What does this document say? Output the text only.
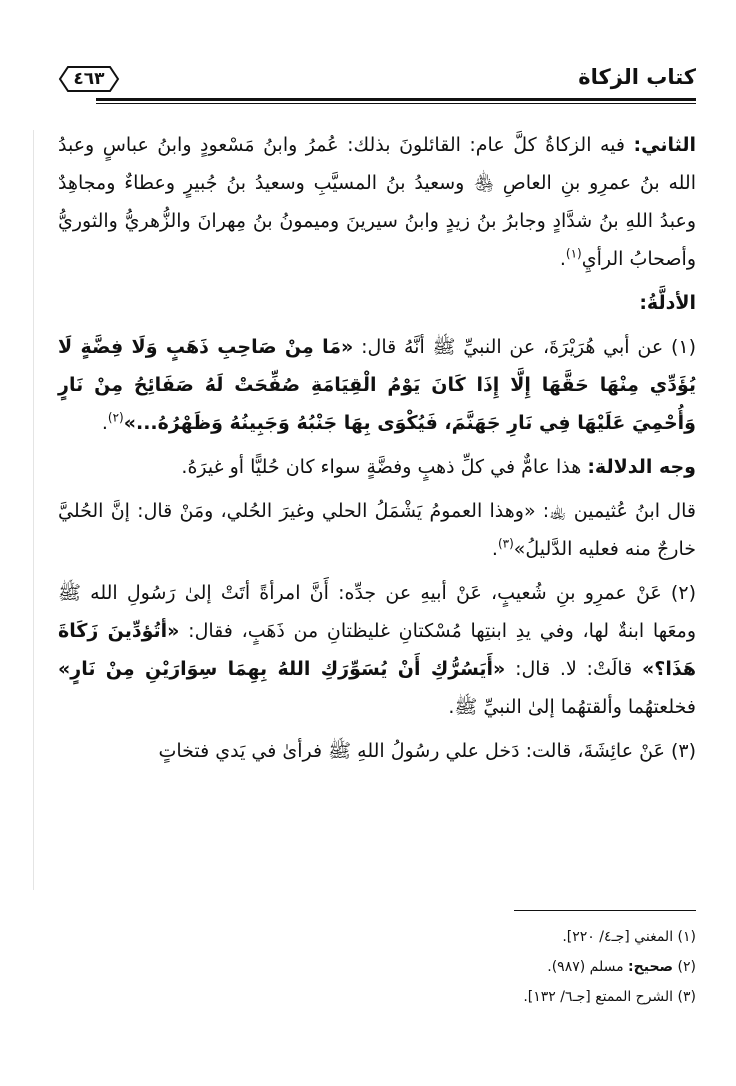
كتاب الزكاة
٤٦٣

الثاني: فيه الزكاةُ كلَّ عام: القائلونَ بذلك: عُمرُ وابنُ مَسْعودٍ وابنُ عباسٍ وعبدُ الله بنُ عمرِو بنِ العاصِ ﵃ وسعيدُ بنُ المسيَّبِ وسعيدُ بنُ جُبيرٍ وعطاءٌ ومجاهِدٌ وعبدُ اللهِ بنُ شدَّادٍ وجابرُ بنُ زيدٍ وابنُ سيرينَ وميمونُ بنُ مِهرانَ والزُّهريُّ والثوريُّ وأصحابُ الرأيِ$^{(١)}$.

الأدلَّةُ:

(١) عن أبي هُرَيْرَةَ، عن النبيِّ ﷺ أنَّهُ قال: «مَا مِنْ صَاحِبِ ذَهَبٍ وَلَا فِضَّةٍ لَا يُؤَدِّي مِنْهَا حَقَّهَا إِلَّا إِذَا كَانَ يَوْمُ الْقِيَامَةِ صُفِّحَتْ لَهُ صَفَائِحُ مِنْ نَارٍ وَأُحْمِيَ عَلَيْهَا فِي نَارِ جَهَنَّمَ، فَيُكْوَى بِهَا جَنْبُهُ وَجَبِينُهُ وَظَهْرُهُ...»$^{(٢)}$.

وجه الدلالة: هذا عامٌّ في كلِّ ذهبٍ وفضَّةٍ سواء كان حُليًّا أو غيرَهُ.

قال ابنُ عُثيمين ﵀: «وهذا العمومُ يَشْمَلُ الحلي وغيرَ الحُلي، ومَنْ قال: إنَّ الحُليَّ خارجٌ منه فعليه الدَّليلُ»$^{(٣)}$.

(٢) عَنْ عمرِو بنِ شُعيبٍ، عَنْ أبيهِ عن جدِّه: أَنَّ امرأةً أتَتْ إلىٰ رَسُولِ الله ﷺ ومعَها ابنةٌ لها، وفي يدِ ابنتِها مُسْكتانِ غليظتانِ من ذَهَبٍ، فقال: «أتُؤدِّينَ زَكَاةَ هَذَا؟» قالَتْ: لا. قال: «أَيَسُرُّكِ أَنْ يُسَوِّرَكِ اللهُ بِهِمَا سِوَارَيْنِ مِنْ نَارٍ» فخلعتهُما وألقتهُما إلىٰ النبيِّ ﷺ.

(٣) عَنْ عائِشَةَ، قالت: دَخل علي رسُولُ اللهِ ﷺ فرأىٰ في يَدي فتخاتٍ

(١) المغني [جـ٤/ ٢٢٠].
(٢) صحيح: مسلم (٩٨٧).
(٣) الشرح الممتع [جـ٦/ ١٣٢].
